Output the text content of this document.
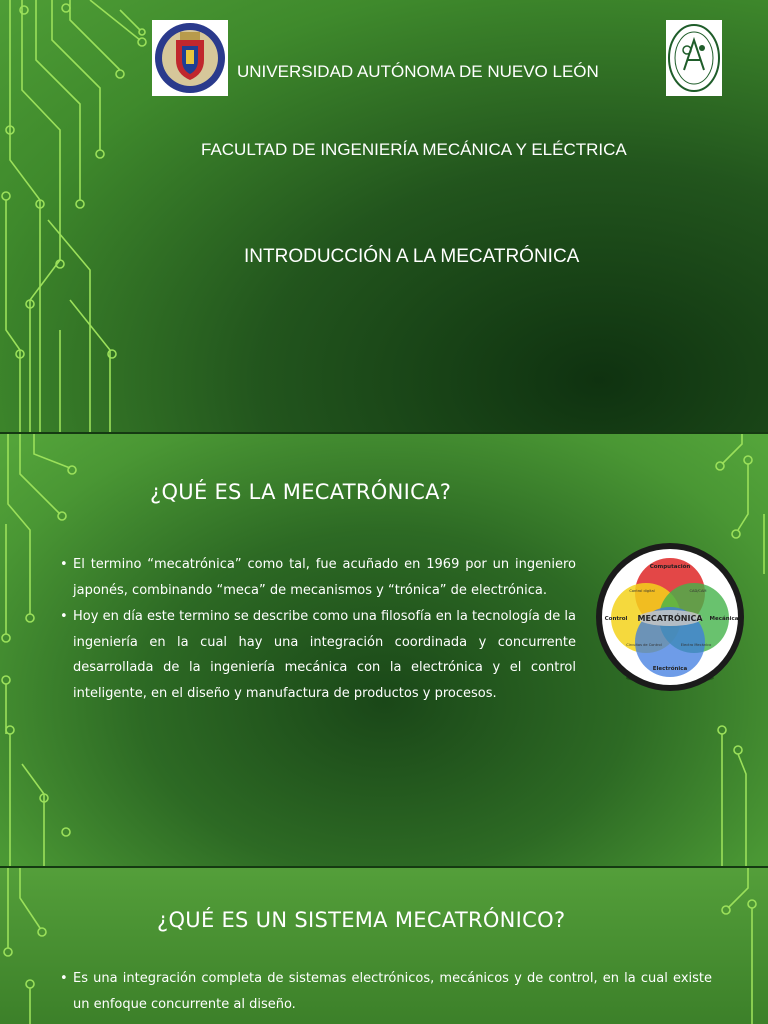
UNIVERSIDAD AUTÓNOMA DE NUEVO LEÓN
FACULTAD DE INGENIERÍA MECÁNICA Y ELÉCTRICA
INTRODUCCIÓN A LA MECATRÓNICA
¿QUÉ ES LA MECATRÓNICA?
• El termino “mecatrónica” como tal, fue acuñado en 1969 por un ingeniero japonés, combinando “meca” de mecanismos y “trónica” de electrónica.
• Hoy en día este termino se describe como una filosofía en la tecnología de la ingeniería en la cual hay una integración coordinada y concurrente desarrollada de la ingeniería mecánica con la electrónica y el control inteligente, en el diseño y manufactura de productos y procesos.
MECATRÓNICA
Computación
Control	Mecánica
Electrónica
Control digital	CAD/CAM
Circuitos de Control	Electro Mecánico
¿QUÉ ES UN SISTEMA MECATRÓNICO?
• Es una integración completa de sistemas electrónicos, mecánicos y de control, en la cual existe un enfoque concurrente al diseño.
